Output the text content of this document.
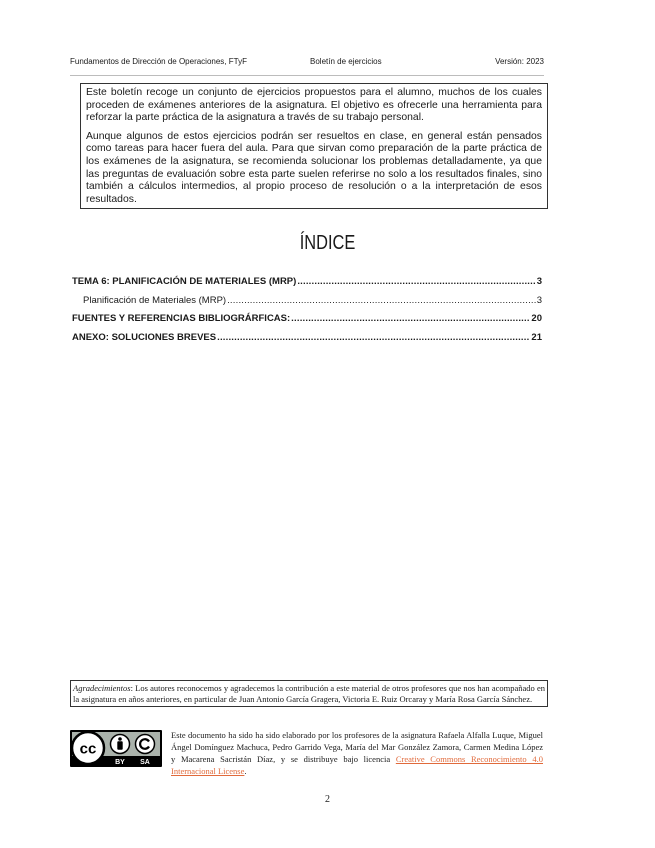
Fundamentos de Dirección de Operaciones, FTyF	Boletín de ejercicios	Versión: 2023

Este boletín recoge un conjunto de ejercicios propuestos para el alumno, muchos de los cuales proceden de exámenes anteriores de la asignatura. El objetivo es ofrecerle una herramienta para reforzar la parte práctica de la asignatura a través de su trabajo personal.

Aunque algunos de estos ejercicios podrán ser resueltos en clase, en general están pensados como tareas para hacer fuera del aula. Para que sirvan como preparación de la parte práctica de los exámenes de la asignatura, se recomienda solucionar los problemas detalladamente, ya que las preguntas de evaluación sobre esta parte suelen referirse no solo a los resultados finales, sino también a cálculos intermedios, al propio proceso de resolución o a la interpretación de esos resultados.

ÍNDICE
TEMA 6: PLANIFICACIÓN DE MATERIALES (MRP) .....	3
Planificación de Materiales (MRP) .....	3
FUENTES Y REFERENCIAS BIBLIOGRÁRFICAS: .....	20
ANEXO: SOLUCIONES BREVES .....	21
Agradecimientos: Los autores reconocemos y agradecemos la contribución a este material de otros profesores que nos han acompañado en la asignatura en años anteriores, en particular de Juan Antonio García Gragera, Victoria E. Ruiz Orcaray y María Rosa García Sánchez.
cc
BY SA
Este documento ha sido ha sido elaborado por los profesores de la asignatura Rafaela Alfalla Luque, Miguel Ángel Domínguez Machuca, Pedro Garrido Vega, María del Mar González Zamora, Carmen Medina López y Macarena Sacristán Díaz, y se distribuye bajo licencia Creative Commons Reconocimiento 4.0 Internacional License.
2
